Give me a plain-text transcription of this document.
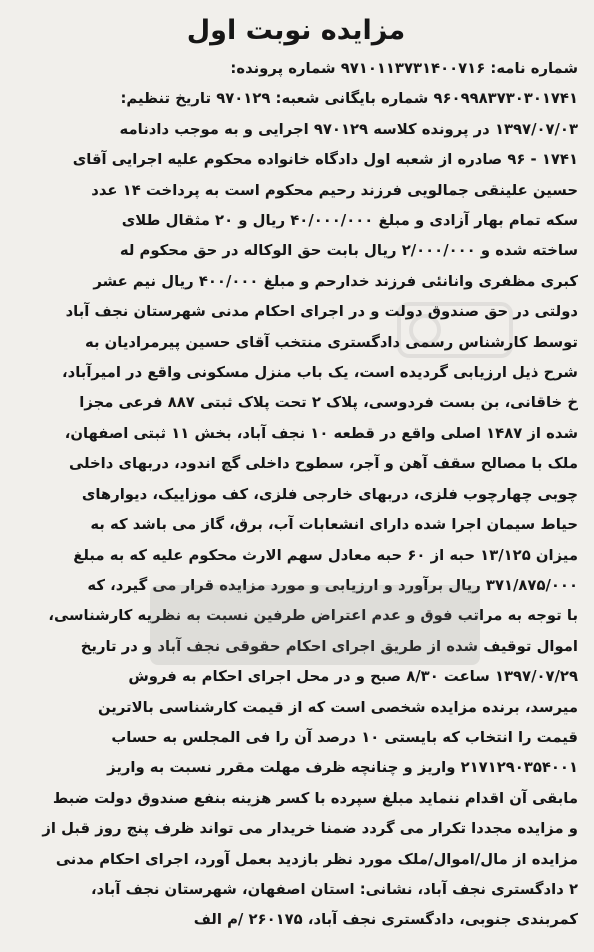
مزایده نوبت اول
شماره نامه: ۹۷۱۰۱۱۳۷۳۱۴۰۰۷۱۶ شماره پرونده:
۹۶۰۹۹۸۳۷۳۰۳۰۱۷۴۱ شماره بایگانی شعبه: ۹۷۰۱۲۹ تاریخ تنظیم:
۱۳۹۷/۰۷/۰۳ در پرونده کلاسه ۹۷۰۱۲۹ اجرایی و به موجب دادنامه
۱۷۴۱ - ۹۶ صادره از شعبه اول دادگاه خانواده محکوم علیه اجرایی آقای
حسین علینقی جمالویی فرزند رحیم محکوم است به پرداخت ۱۴ عدد
سکه تمام بهار آزادی و مبلغ ۴۰/۰۰۰/۰۰۰ ریال و ۲۰ مثقال طلای
ساخته شده و ۲/۰۰۰/۰۰۰ ریال بابت حق الوکاله در حق محکوم له
کبری مظفری وانانئی فرزند خدارحم و مبلغ ۴۰۰/۰۰۰ ریال نیم عشر
دولتی در حق صندوق دولت و در اجرای احکام مدنی شهرستان نجف آباد
توسط کارشناس رسمی دادگستری منتخب آقای حسین پیرمرادیان به
شرح ذیل ارزیابی گردیده است، یک باب منزل مسکونی واقع در امیرآباد،
خ خاقانی، بن بست فردوسی، پلاک ۲ تحت پلاک ثبتی ۸۸۷ فرعی مجزا
شده از ۱۴۸۷ اصلی واقع در قطعه ۱۰ نجف آباد، بخش ۱۱ ثبتی اصفهان،
ملک با مصالح سقف آهن و آجر، سطوح داخلی گچ اندود، دربهای داخلی
چوبی چهارچوب فلزی، دربهای خارجی فلزی، کف موزاییک، دیوارهای
حیاط سیمان اجرا شده دارای انشعابات آب، برق، گاز می باشد که به
میزان ۱۳/۱۲۵ حبه از ۶۰ حبه معادل سهم الارث محکوم علیه که به مبلغ
۳۷۱/۸۷۵/۰۰۰ ریال برآورد و ارزیابی و مورد مزایده قرار می گیرد، که
با توجه به مراتب فوق و عدم اعتراض طرفین نسبت به نظریه کارشناسی،
اموال توقیف شده از طریق اجرای احکام حقوقی نجف آباد و در تاریخ
۱۳۹۷/۰۷/۲۹ ساعت ۸/۳۰ صبح و در محل اجرای احکام به فروش
میرسد، برنده مزایده شخصی است که از قیمت کارشناسی بالاترین
قیمت را انتخاب که بایستی ۱۰ درصد آن را فی المجلس به حساب
۲۱۷۱۲۹۰۳۵۴۰۰۱ واریز و چنانچه ظرف مهلت مقرر نسبت به واریز
مابقی آن اقدام ننماید مبلغ سپرده با کسر هزینه بنفع صندوق دولت ضبط
و مزایده مجددا تکرار می گردد ضمنا خریدار می تواند ظرف پنج روز قبل از
مزایده از مال/اموال/ملک مورد نظر بازدید بعمل آورد، اجرای احکام مدنی
۲ دادگستری نجف آباد، نشانی: استان اصفهان، شهرستان نجف آباد،
کمربندی جنوبی، دادگستری نجف آباد، ۲۶۰۱۷۵ /م الف
